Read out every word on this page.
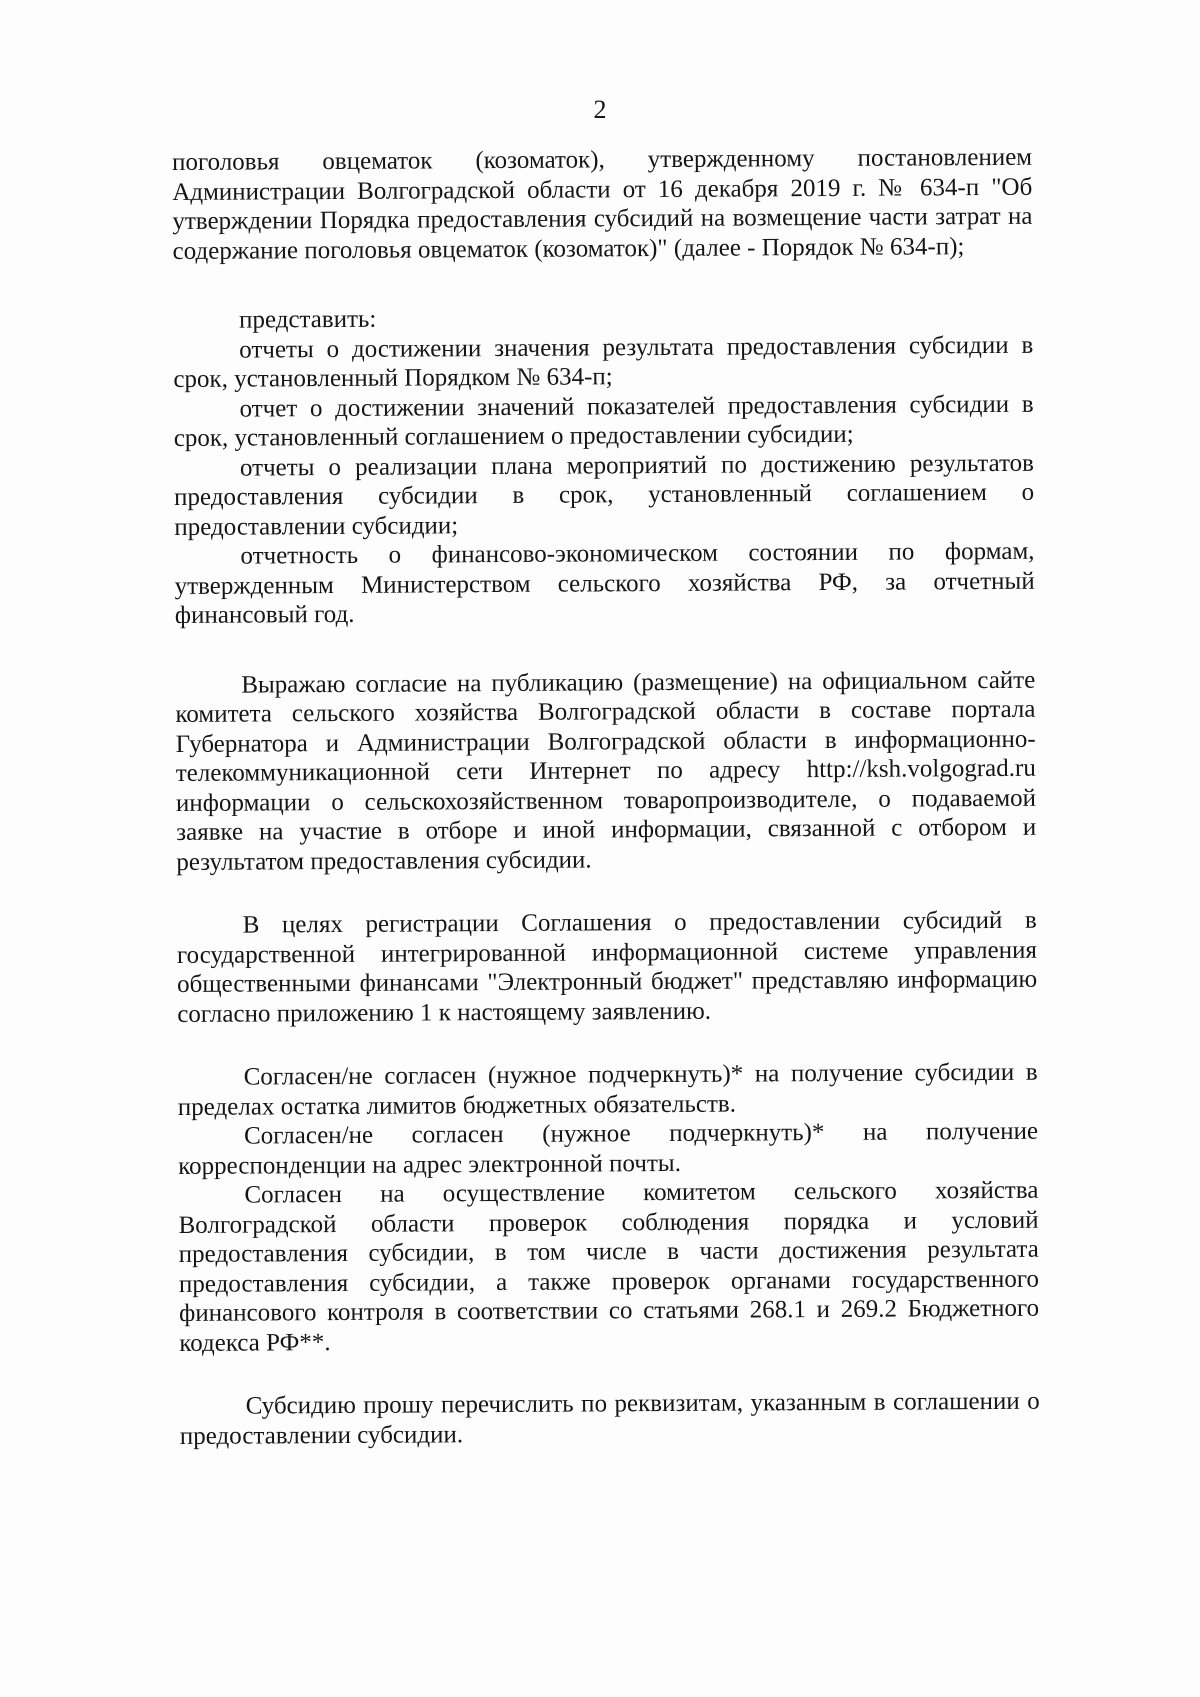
2

поголовья овцематок (козоматок), утвержденному постановлением Администрации Волгоградской области от 16 декабря 2019 г. № 634-п "Об утверждении Порядка предоставления субсидий на возмещение части затрат на содержание поголовья овцематок (козоматок)" (далее - Порядок № 634-п);

представить:

отчеты о достижении значения результата предоставления субсидии в срок, установленный Порядком № 634-п;

отчет о достижении значений показателей предоставления субсидии в срок, установленный соглашением о предоставлении субсидии;

отчеты о реализации плана мероприятий по достижению результатов предоставления субсидии в срок, установленный соглашением о предоставлении субсидии;

отчетность о финансово-экономическом состоянии по формам, утвержденным Министерством сельского хозяйства РФ, за отчетный финансовый год.

Выражаю согласие на публикацию (размещение) на официальном сайте комитета сельского хозяйства Волгоградской области в составе портала Губернатора и Администрации Волгоградской области в информационно-телекоммуникационной сети Интернет по адресу http://ksh.volgograd.ru информации о сельскохозяйственном товаропроизводителе, о подаваемой заявке на участие в отборе и иной информации, связанной с отбором и результатом предоставления субсидии.

В целях регистрации Соглашения о предоставлении субсидий в государственной интегрированной информационной системе управления общественными финансами "Электронный бюджет" представляю информацию согласно приложению 1 к настоящему заявлению.

Согласен/не согласен (нужное подчеркнуть)* на получение субсидии в пределах остатка лимитов бюджетных обязательств.

Согласен/не согласен (нужное подчеркнуть)* на получение корреспонденции на адрес электронной почты.

Согласен на осуществление комитетом сельского хозяйства Волгоградской области проверок соблюдения порядка и условий предоставления субсидии, в том числе в части достижения результата предоставления субсидии, а также проверок органами государственного финансового контроля в соответствии со статьями 268.1 и 269.2 Бюджетного кодекса РФ**.

Субсидию прошу перечислить по реквизитам, указанным в соглашении о предоставлении субсидии.
